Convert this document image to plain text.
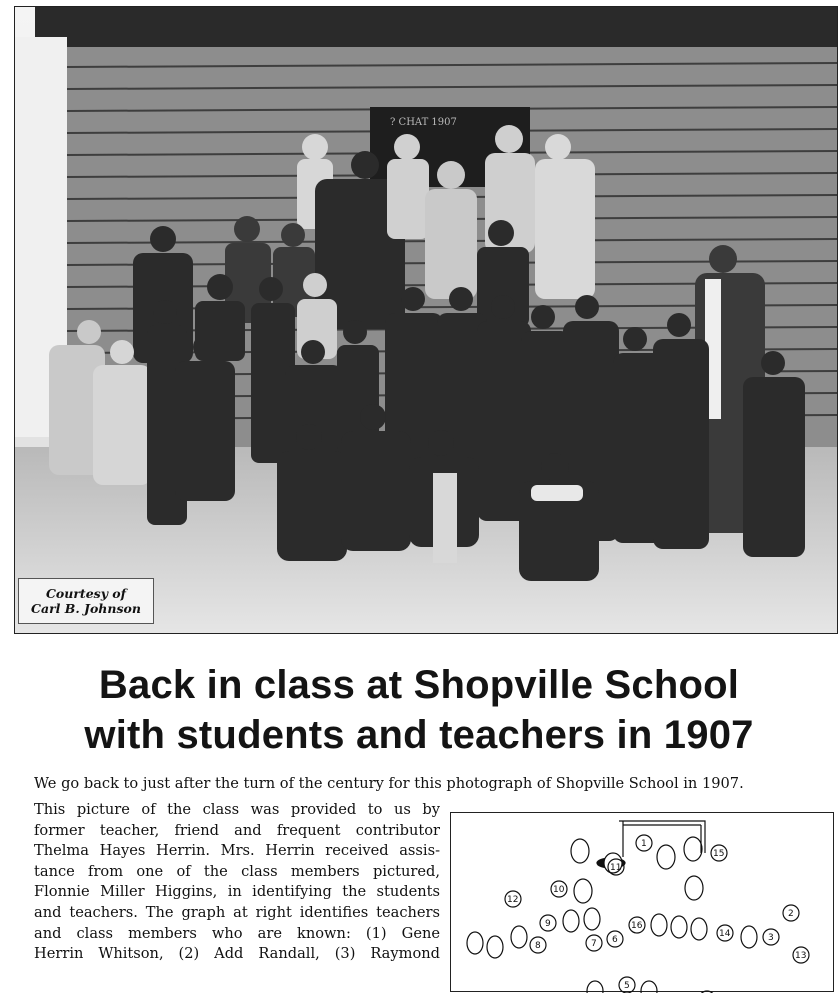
? CHAT 1907
Courtesy of
Carl B. Johnson
Back in class at Shopville School
with students and teachers in 1907
We go back to just after the turn of the century for this photograph of Shopville School in 1907.
This picture of the class was provided to us by
former teacher, friend and frequent contributor
Thelma Hayes Herrin. Mrs. Herrin received assis-
tance from one of the class members pictured,
Flonnie Miller Higgins, in identifying the students
and teachers. The graph at right identifies teachers
and class members who are known: (1) Gene
Herrin Whitson, (2) Add Randall, (3) Raymond
1
15
11
12
10
2
8
9
7 6
16
14	3
13
5
